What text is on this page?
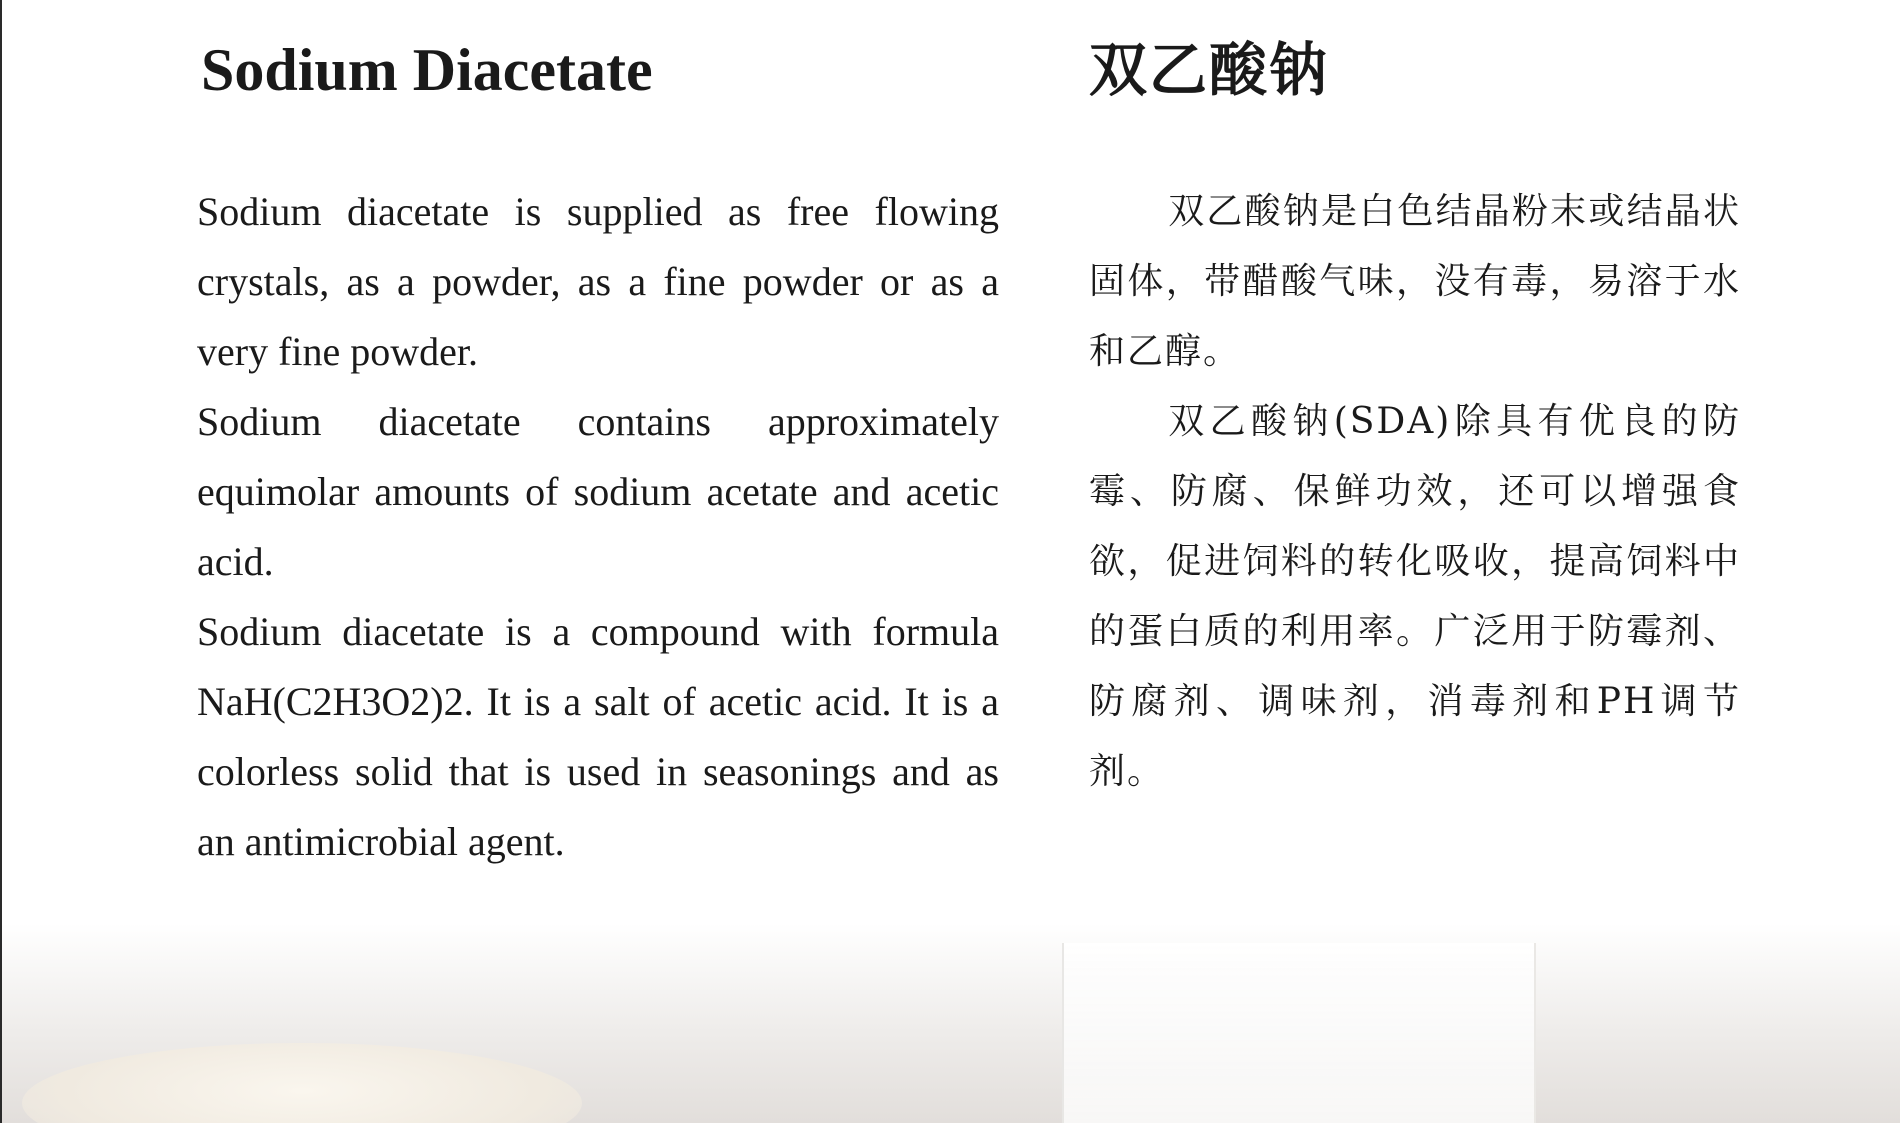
Sodium Diacetate

Sodium diacetate is supplied as free flowing crystals, as a powder, as a fine powder or as a very fine powder.

Sodium diacetate contains approximately equimolar amounts of sodium acetate and acetic acid.

Sodium diacetate is a compound with formula NaH(C2H3O2)2. It is a salt of acetic acid. It is a colorless solid that is used in seasonings and as an antimicrobial agent.

双乙酸钠

双乙酸钠是白色结晶粉末或结晶状固体，带醋酸气味，没有毒，易溶于水和乙醇。

双乙酸钠(SDA)除具有优良的防霉、防腐、保鲜功效，还可以增强食欲，促进饲料的转化吸收，提高饲料中的蛋白质的利用率。广泛用于防霉剂、防腐剂、调味剂，消毒剂和PH调节剂。
